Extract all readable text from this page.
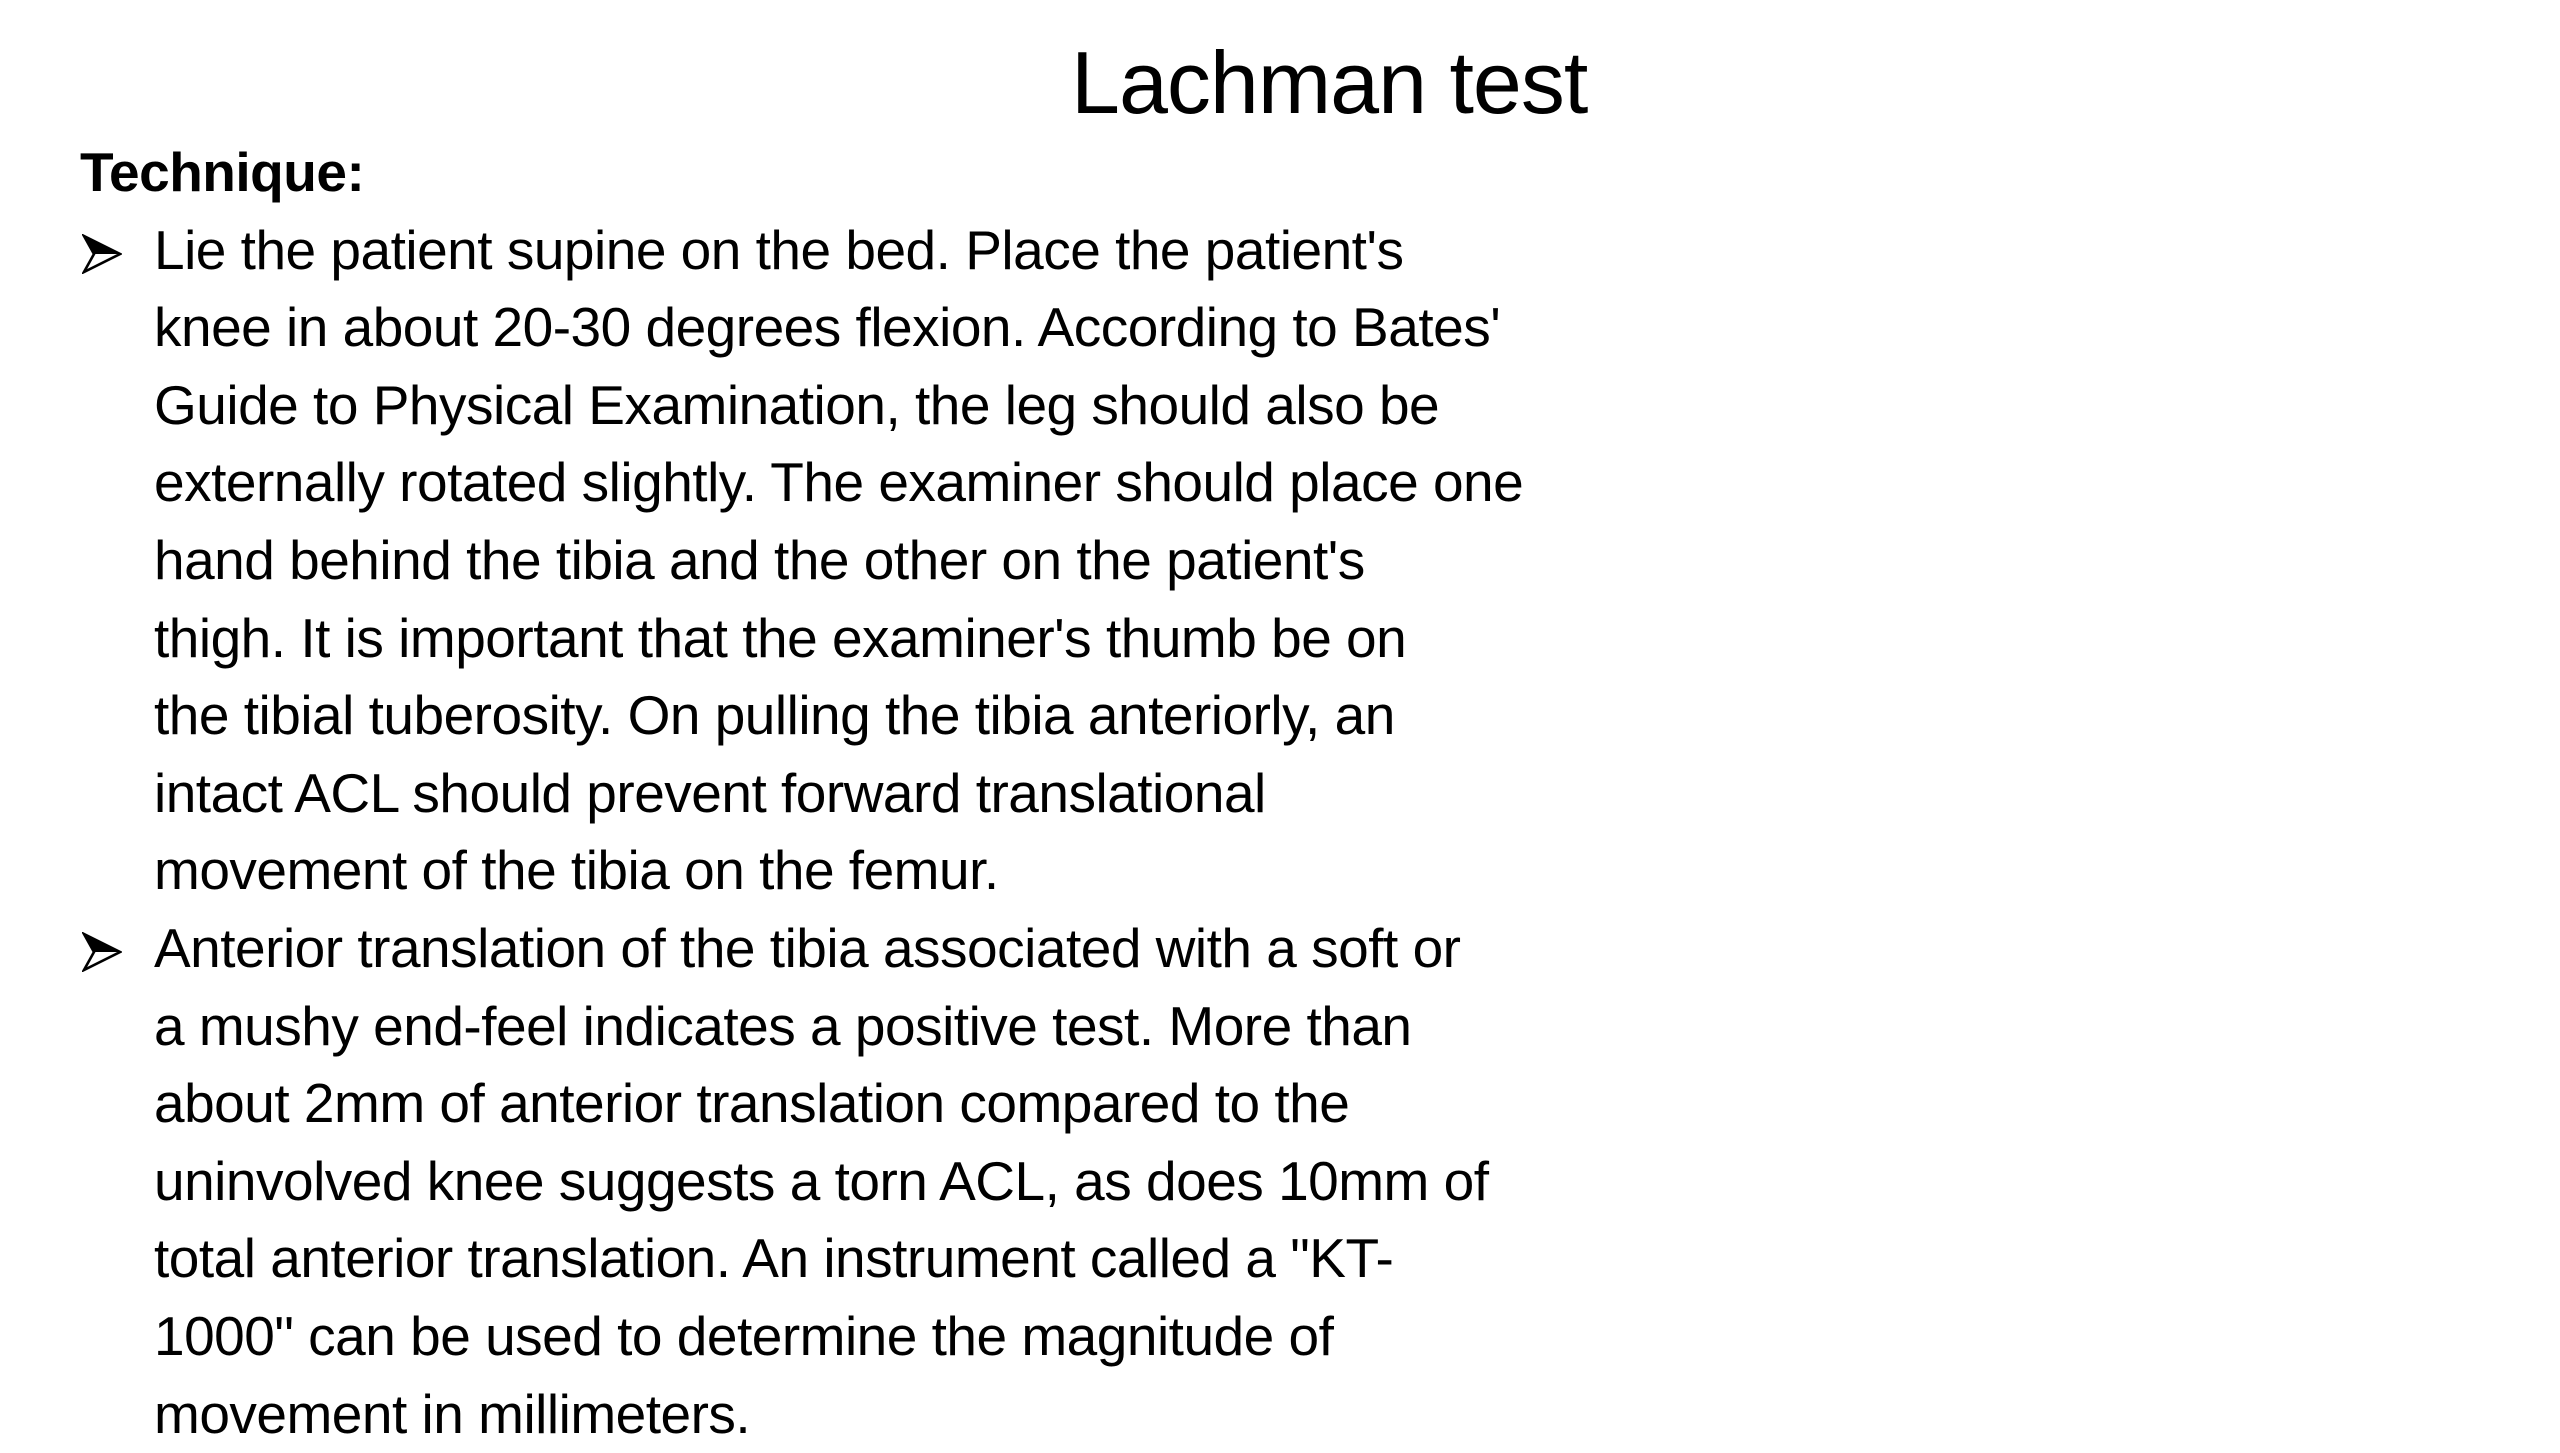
Lachman test

Technique:

Lie the patient supine on the bed. Place the patient's
knee in about 20-30 degrees flexion. According to Bates'
Guide to Physical Examination, the leg should also be
externally rotated slightly. The examiner should place one
hand behind the tibia and the other on the patient's
thigh. It is important that the examiner's thumb be on
the tibial tuberosity. On pulling the tibia anteriorly, an
intact ACL should prevent forward translational
movement of the tibia on the femur.
Anterior translation of the tibia associated with a soft or
a mushy end-feel indicates a positive test. More than
about 2mm of anterior translation compared to the
uninvolved knee suggests a torn ACL, as does 10mm of
total anterior translation. An instrument called a "KT-
1000" can be used to determine the magnitude of
movement in millimeters.
